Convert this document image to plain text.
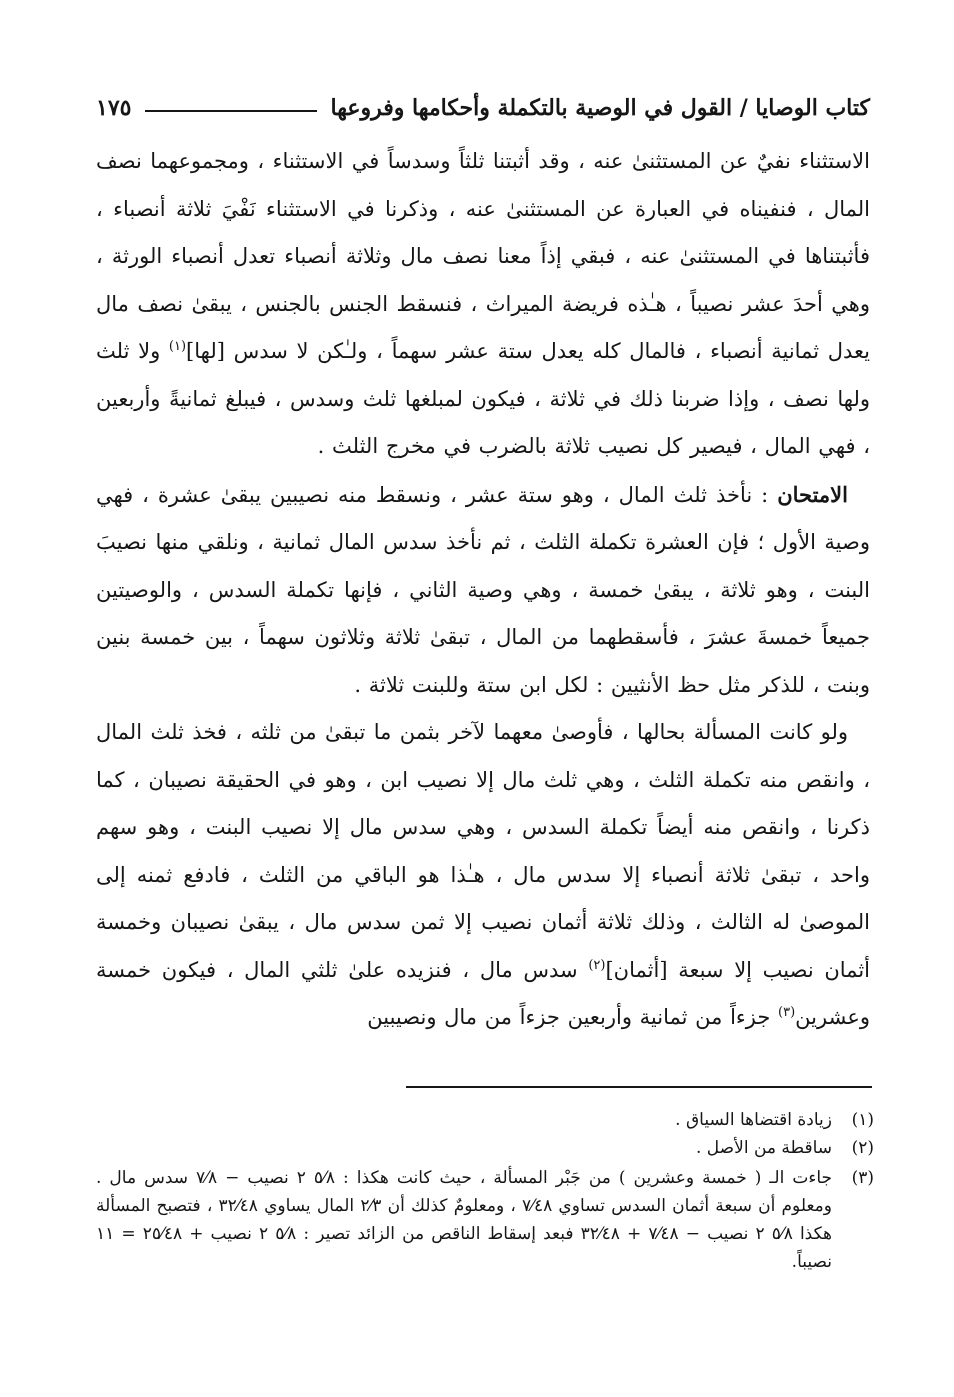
كتاب الوصايا / القول في الوصية بالتكملة وأحكامها وفروعها
١٧٥

الاستثناء نفيٌ عن المستثنىٰ عنه ، وقد أثبتنا ثلثاً وسدساً في الاستثناء ، ومجموعهما نصف المال ، فنفيناه في العبارة عن المستثنىٰ عنه ، وذكرنا في الاستثناء نَفْيَ ثلاثة أنصباء ، فأثبتناها في المستثنىٰ عنه ، فبقي إذاً معنا نصف مال وثلاثة أنصباء تعدل أنصباء الورثة ، وهي أحدَ عشر نصيباً ، هـٰذه فريضة الميراث ، فنسقط الجنس بالجنس ، يبقىٰ نصف مال يعدل ثمانية أنصباء ، فالمال كله يعدل ستة عشر سهماً ، ولـٰكن لا سدس [لها]$^{(١)}$ ولا ثلث ولها نصف ، وإذا ضربنا ذلك في ثلاثة ، فيكون لمبلغها ثلث وسدس ، فيبلغ ثمانيةً وأربعين ، فهي المال ، فيصير كل نصيب ثلاثة بالضرب في مخرج الثلث .

الامتحان : نأخذ ثلث المال ، وهو ستة عشر ، ونسقط منه نصيبين يبقىٰ عشرة ، فهي وصية الأول ؛ فإن العشرة تكملة الثلث ، ثم نأخذ سدس المال ثمانية ، ونلقي منها نصيبَ البنت ، وهو ثلاثة ، يبقىٰ خمسة ، وهي وصية الثاني ، فإنها تكملة السدس ، والوصيتين جميعاً خمسةَ عشرَ ، فأسقطهما من المال ، تبقىٰ ثلاثة وثلاثون سهماً ، بين خمسة بنين وبنت ، للذكر مثل حظ الأنثيين : لكل ابن ستة وللبنت ثلاثة .

ولو كانت المسألة بحالها ، فأوصىٰ معهما لآخر بثمن ما تبقىٰ من ثلثه ، فخذ ثلث المال ، وانقص منه تكملة الثلث ، وهي ثلث مال إلا نصيب ابن ، وهو في الحقيقة نصيبان ، كما ذكرنا ، وانقص منه أيضاً تكملة السدس ، وهي سدس مال إلا نصيب البنت ، وهو سهم واحد ، تبقىٰ ثلاثة أنصباء إلا سدس مال ، هـٰذا هو الباقي من الثلث ، فادفع ثمنه إلى الموصىٰ له الثالث ، وذلك ثلاثة أثمان نصيب إلا ثمن سدس مال ، يبقىٰ نصيبان وخمسة أثمان نصيب إلا سبعة [أثمان]$^{(٢)}$ سدس مال ، فنزيده علىٰ ثلثي المال ، فيكون خمسة وعشرين$^{(٣)}$ جزءاً من ثمانية وأربعين جزءاً من مال ونصيبين

(١)
زيادة اقتضاها السياق .
(٢)
ساقطة من الأصل .
(٣)
جاءت الـ ( خمسة وعشرين ) من جَبْر المسألة ، حيث كانت هكذا : ٥⁄٨ ٢ نصيب − ٧⁄٨ سدس مال . ومعلوم أن سبعة أثمان السدس تساوي ٧⁄٤٨ ، ومعلومٌ كذلك أن ٢⁄٣ المال يساوي ٣٢⁄٤٨ ، فتصبح المسألة هكذا ٥⁄٨ ٢ نصيب − ٧⁄٤٨ + ٣٢⁄٤٨ فبعد إسقاط الناقص من الزائد تصير : ٥⁄٨ ٢ نصيب + ٢٥⁄٤٨ = ١١ نصيباً.
